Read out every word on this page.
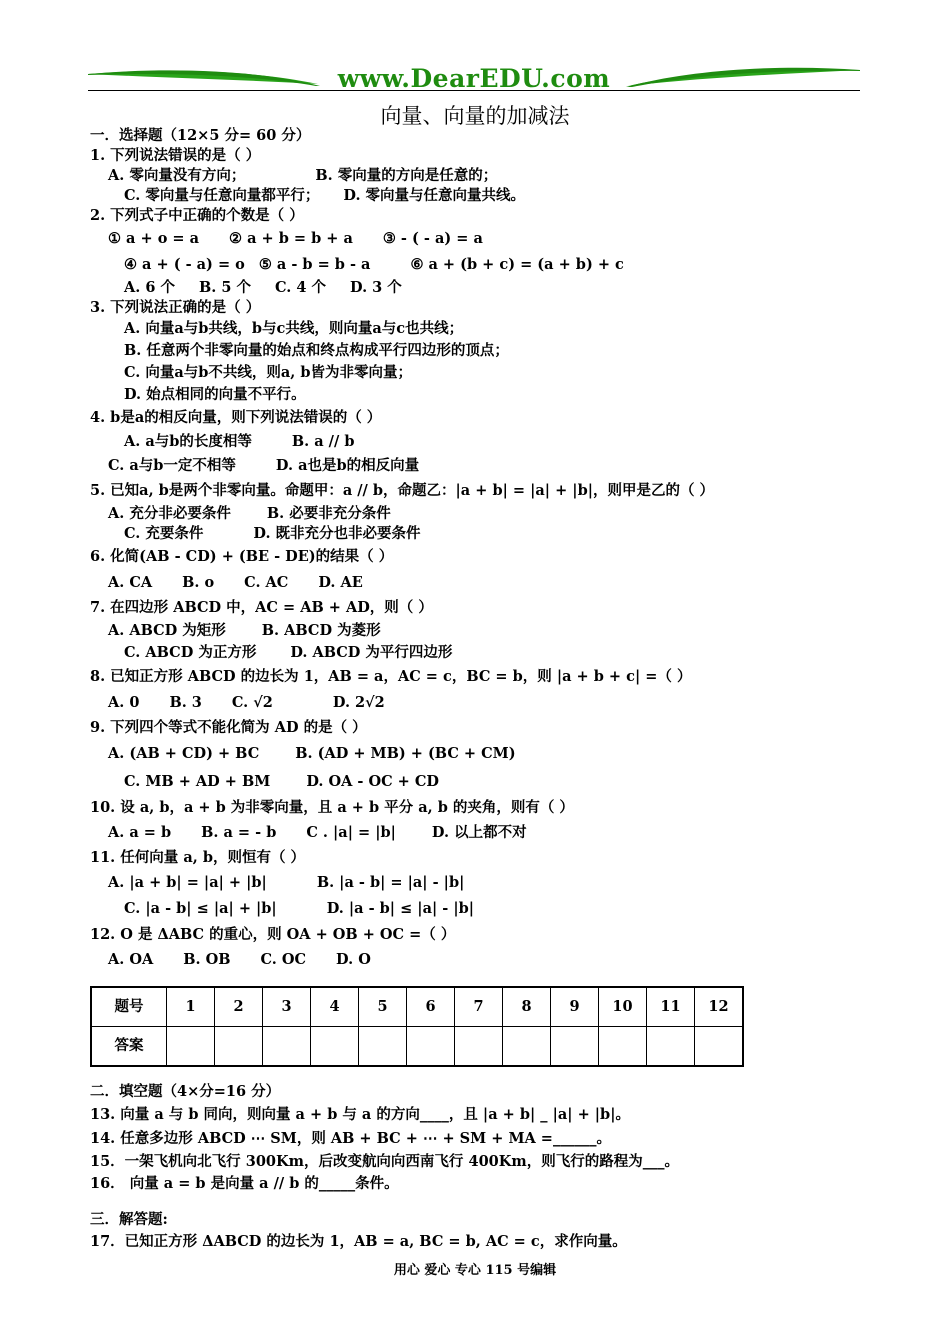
www.DearEDU.com
向量、向量的加减法
一．选择题（12×5 分= 60 分）
1. 下列说法错误的是（ ）
A. 零向量没有方向；	B. 零向量的方向是任意的；
C. 零向量与任意向量都平行； D. 零向量与任意向量共线。
2. 下列式子中正确的个数是（ ）
① a + o = a ② a + b = b + a ③ - ( - a) = a
④ a + ( - a) = o ⑤ a - b = b - a	⑥ a + (b + c) = (a + b) + c
A. 6 个 B. 5 个 C. 4 个 D. 3 个
3. 下列说法正确的是（ ）
A. 向量a与b共线，b与c共线，则向量a与c也共线；
B. 任意两个非零向量的始点和终点构成平行四边形的顶点；
C. 向量a与b不共线，则a, b皆为非零向量；
D. 始点相同的向量不平行。
4. b是a的相反向量，则下列说法错误的（ ）
A. a与b的长度相等	B. a // b
C. a与b一定不相等	D. a也是b的相反向量
5. 已知a, b是两个非零向量。命题甲：a // b，命题乙：|a + b| = |a| + |b|，则甲是乙的（ ）
A. 充分非必要条件 B. 必要非充分条件
C. 充要条件	D. 既非充分也非必要条件
6. 化简(AB - CD) + (BE - DE)的结果（ ）
A. CA B. o C. AC D. AE
7. 在四边形 ABCD 中，AC = AB + AD，则（ ）
A. ABCD 为矩形 B. ABCD 为菱形
C. ABCD 为正方形 D. ABCD 为平行四边形
8. 已知正方形 ABCD 的边长为 1，AB = a，AC = c，BC = b，则 |a + b + c| =（ ）
A. 0 B. 3 C. √2	D. 2√2
9. 下列四个等式不能化简为 AD 的是（ ）
A. (AB + CD) + BC B. (AD + MB) + (BC + CM)
C. MB + AD + BM D. OA - OC + CD
10. 设 a, b，a + b 为非零向量，且 a + b 平分 a, b 的夹角，则有（ ）
A. a = b B. a = - b C . |a| = |b| D. 以上都不对
11. 任何向量 a, b，则恒有（ ）
A. |a + b| = |a| + |b|	B. |a - b| = |a| - |b|
C. |a - b| ≤ |a| + |b|	D. |a - b| ≤ |a| - |b|
12. O 是 ΔABC 的重心，则 OA + OB + OC =（ ）
A. OA B. OB C. OC D. O
题号	1	2	3	4	5	6	7	8	9	10	11	12
答案												
二．填空题（4×分=16 分）
13. 向量 a 与 b 同向，则向量 a + b 与 a 的方向____，且 |a + b| _ |a| + |b|。
14. 任意多边形 ABCD ⋯ SM，则 AB + BC + ⋯ + SM + MA =______。
15．一架飞机向北飞行 300Km，后改变航向向西南飞行 400Km，则飞行的路程为___。
16． 向量 a = b 是向量 a // b 的_____条件。
三．解答题:
17．已知正方形 ΔABCD 的边长为 1，AB = a, BC = b, AC = c，求作向量。
用心 爱心 专心 115 号编辑
